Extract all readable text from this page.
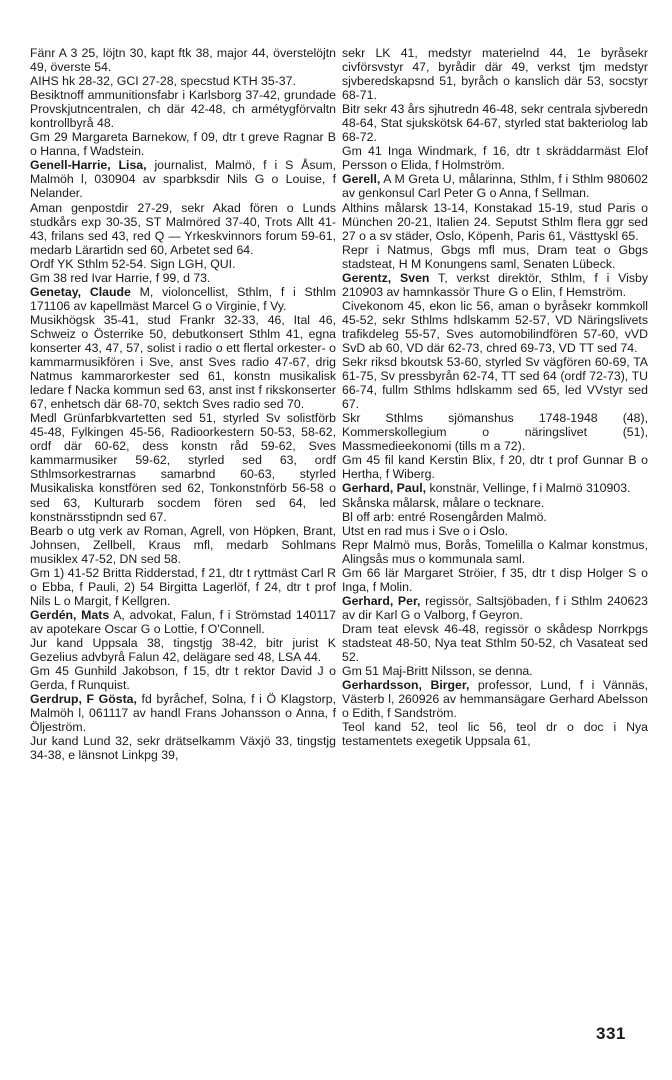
Fänr A 3 25, löjtn 30, kapt ftk 38, major 44, överstelöjtn 49, överste 54.

AIHS hk 28-32, GCI 27-28, specstud KTH 35-37.

Besiktnoff ammunitionsfabr i Karlsborg 37-42, grundade Provskjutncentralen, ch där 42-48, ch armétygförvaltn kontrollbyrå 48.

Gm 29 Margareta Barnekow, f 09, dtr t greve Ragnar B o Hanna, f Wadstein.

Genell-Harrie, Lisa, journalist, Malmö, f i S Åsum, Malmöh l, 030904 av sparbksdir Nils G o Louise, f Nelander.

Aman genpostdir 27-29, sekr Akad fören o Lunds studkårs exp 30-35, ST Malmöred 37-40, Trots Allt 41-43, frilans sed 43, red Q — Yrkeskvinnors forum 59-61, medarb Lärartidn sed 60, Arbetet sed 64.

Ordf YK Sthlm 52-54. Sign LGH, QUI.

Gm 38 red Ivar Harrie, f 99, d 73.

Genetay, Claude M, violoncellist, Sthlm, f i Sthlm 171106 av kapellmäst Marcel G o Virginie, f Vy.

Musikhögsk 35-41, stud Frankr 32-33, 46, Ital 46, Schweiz o Österrike 50, debutkonsert Sthlm 41, egna konserter 43, 47, 57, solist i radio o ett flertal orkester- o kammarmusikfören i Sve, anst Sves radio 47-67, drig Natmus kammarorkester sed 61, konstn musikalisk ledare f Nacka kommun sed 63, anst inst f rikskonserter 67, enhetsch där 68-70, sektch Sves radio sed 70.

Medl Grünfarbkvartetten sed 51, styrled Sv solistförb 45-48, Fylkingen 45-56, Radioorkestern 50-53, 58-62, ordf där 60-62, dess konstn råd 59-62, Sves kammarmusiker 59-62, styrled sed 63, ordf Sthlmsorkestrarnas samarbnd 60-63, styrled Musikaliska konstfören sed 62, Tonkonstnförb 56-58 o sed 63, Kulturarb socdem fören sed 64, led konstnärsstipndn sed 67.

Bearb o utg verk av Roman, Agrell, von Höpken, Brant, Johnsen, Zellbell, Kraus mfl, medarb Sohlmans musiklex 47-52, DN sed 58.

Gm 1) 41-52 Britta Ridderstad, f 21, dtr t ryttmäst Carl R o Ebba, f Pauli, 2) 54 Birgitta Lagerlöf, f 24, dtr t prof Nils L o Margit, f Kellgren.

Gerdén, Mats A, advokat, Falun, f i Strömstad 140117 av apotekare Oscar G o Lottie, f O'Connell.

Jur kand Uppsala 38, tingstjg 38-42, bitr jurist K Gezelius advbyrå Falun 42, delägare sed 48, LSA 44.

Gm 45 Gunhild Jakobson, f 15, dtr t rektor David J o Gerda, f Runquist.

Gerdrup, F Gösta, fd byråchef, Solna, f i Ö Klagstorp, Malmöh l, 061117 av handl Frans Johansson o Anna, f Öljeström.

Jur kand Lund 32, sekr drätselkamm Växjö 33, tingstjg 34-38, e länsnot Linkpg 39,

sekr LK 41, medstyr materielnd 44, 1e byråsekr civförsvstyr 47, byrådir där 49, verkst tjm medstyr sjvberedskapsnd 51, byråch o kanslich där 53, socstyr 68-71.

Bitr sekr 43 års sjhutredn 46-48, sekr centrala sjvberedn 48-64, Stat sjukskötsk 64-67, styrled stat bakteriolog lab 68-72.

Gm 41 Inga Windmark, f 16, dtr t skräddarmäst Elof Persson o Elida, f Holmström.

Gerell, A M Greta U, målarinna, Sthlm, f i Sthlm 980602 av genkonsul Carl Peter G o Anna, f Sellman.

Althins målarsk 13-14, Konstakad 15-19, stud Paris o München 20-21, Italien 24. Seputst Sthlm flera ggr sed 27 o a sv städer, Oslo, Köpenh, Paris 61, Västtyskl 65.

Repr i Natmus, Gbgs mfl mus, Dram teat o Gbgs stadsteat, H M Konungens saml, Senaten Lübeck.

Gerentz, Sven T, verkst direktör, Sthlm, f i Visby 210903 av hamnkassör Thure G o Elin, f Hemström.

Civekonom 45, ekon lic 56, aman o byråsekr kommkoll 45-52, sekr Sthlms hdlskamm 52-57, VD Näringslivets trafikdeleg 55-57, Sves automobilindfören 57-60, vVD SvD ab 60, VD där 62-73, chred 69-73, VD TT sed 74.

Sekr riksd bkoutsk 53-60, styrled Sv vägfören 60-69, TA 61-75, Sv pressbyrån 62-74, TT sed 64 (ordf 72-73), TU 66-74, fullm Sthlms hdlskamm sed 65, led VVstyr sed 67.

Skr Sthlms sjömanshus 1748-1948 (48), Kommerskollegium o näringslivet (51), Massmedieekonomi (tills m a 72).

Gm 45 fil kand Kerstin Blix, f 20, dtr t prof Gunnar B o Hertha, f Wiberg.

Gerhard, Paul, konstnär, Vellinge, f i Malmö 310903.

Skånska målarsk, målare o tecknare.

Bl off arb: entré Rosengården Malmö.

Utst en rad mus i Sve o i Oslo.

Repr Malmö mus, Borås, Tomelilla o Kalmar konstmus, Alingsås mus o kommunala saml.

Gm 66 lär Margaret Ströier, f 35, dtr t disp Holger S o Inga, f Molin.

Gerhard, Per, regissör, Saltsjöbaden, f i Sthlm 240623 av dir Karl G o Valborg, f Geyron.

Dram teat elevsk 46-48, regissör o skådesp Norrkpgs stadsteat 48-50, Nya teat Sthlm 50-52, ch Vasateat sed 52.

Gm 51 Maj-Britt Nilsson, se denna.

Gerhardsson, Birger, professor, Lund, f i Vännäs, Västerb l, 260926 av hemmansägare Gerhard Abelsson o Edith, f Sandström.

Teol kand 52, teol lic 56, teol dr o doc i Nya testamentets exegetik Uppsala 61,

331
